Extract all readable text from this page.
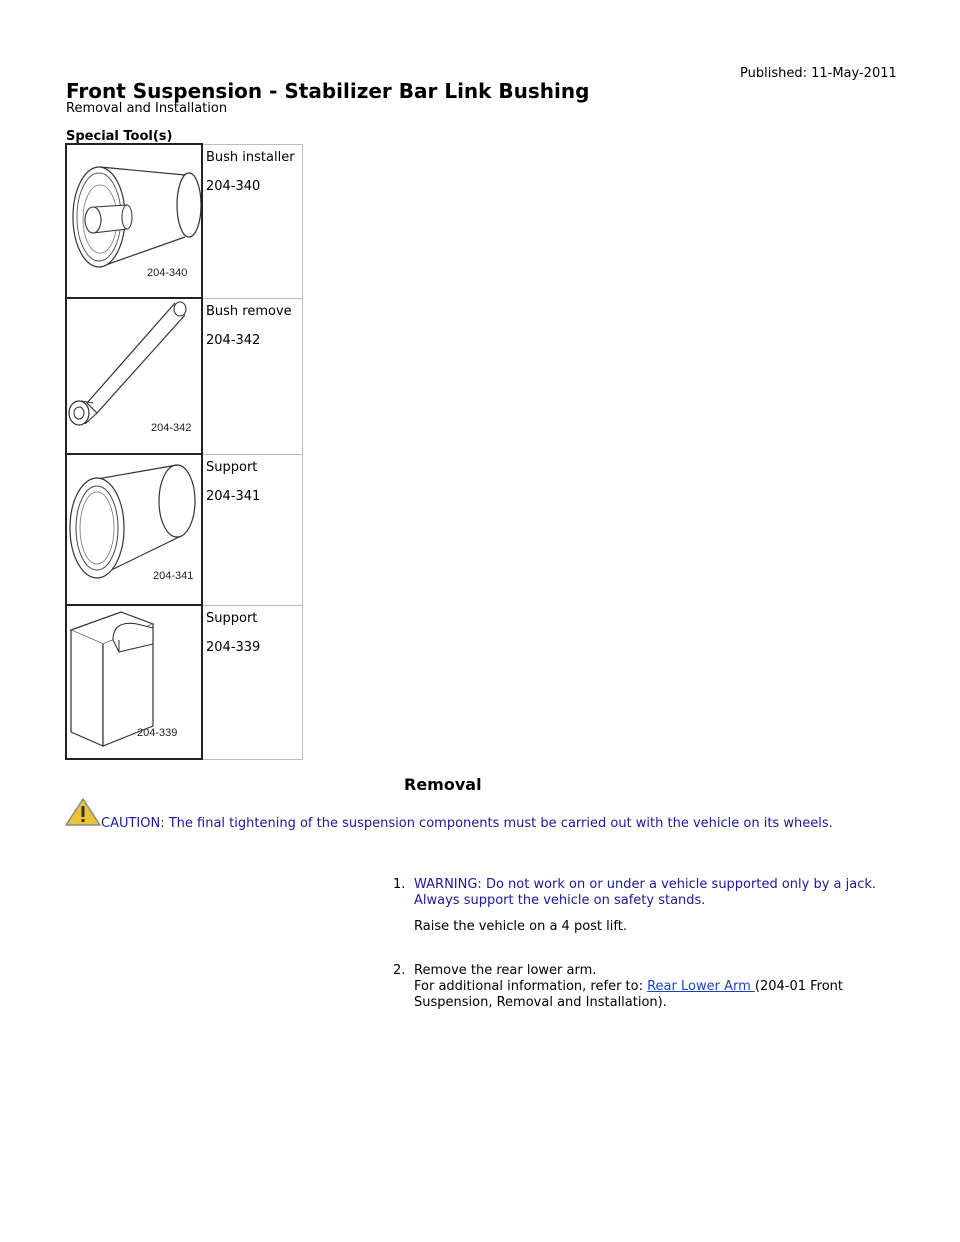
Published: 11-May-2011
Front Suspension - Stabilizer Bar Link Bushing
Removal and Installation
Special Tool(s)
204-340	Bush installer
204-340

204-342	Bush remove
204-342

204-341	Support
204-341

204-339	Support
204-339
Removal
CAUTION: The final tightening of the suspension components must be carried out with the vehicle on its wheels.
1. WARNING: Do not work on or under a vehicle supported only by a jack.
Always support the vehicle on safety stands.
Raise the vehicle on a 4 post lift.
2. Remove the rear lower arm.
For additional information, refer to: Rear Lower Arm (204-01 Front
Suspension, Removal and Installation).
